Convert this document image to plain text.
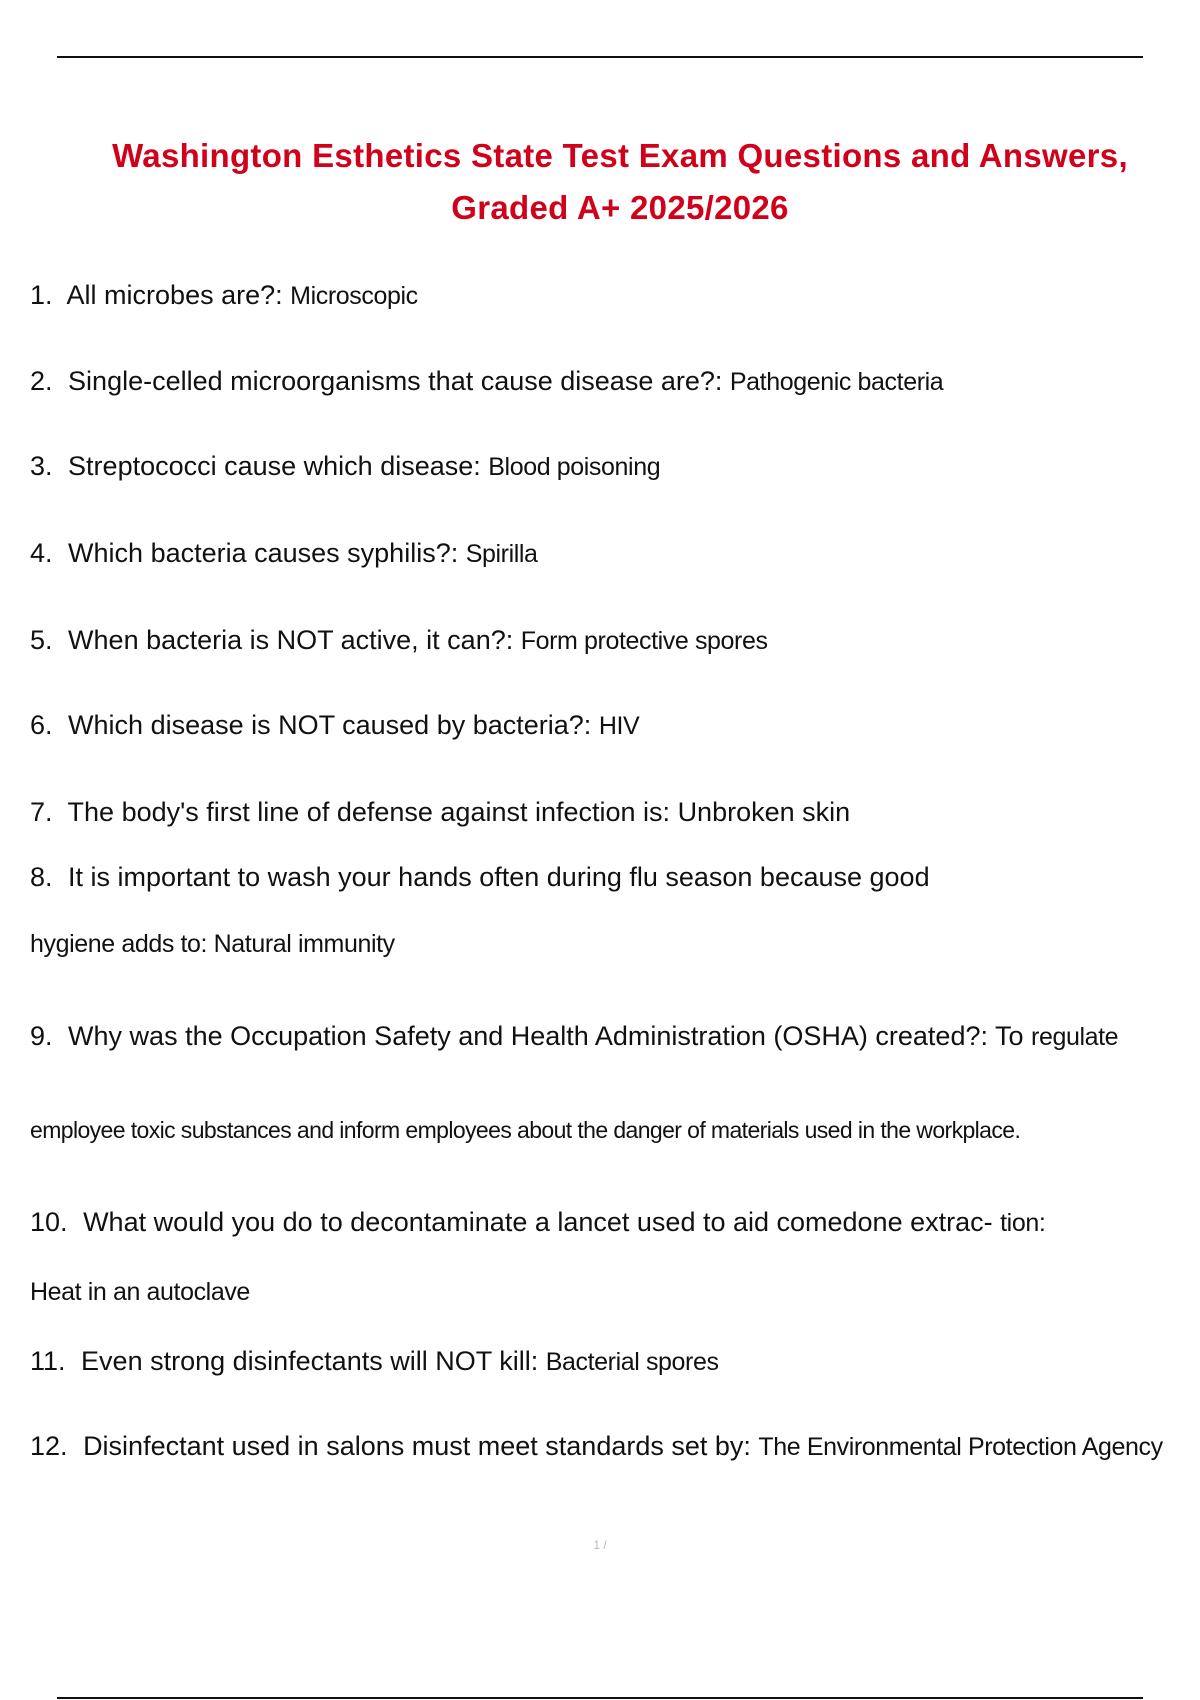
Washington Esthetics State Test Exam Questions and Answers,
Graded A+ 2025/2026
1. All microbes are?: Microscopic
2. Single-celled microorganisms that cause disease are?: Pathogenic bacteria
3. Streptococci cause which disease: Blood poisoning
4. Which bacteria causes syphilis?: Spirilla
5. When bacteria is NOT active, it can?: Form protective spores
6. Which disease is NOT caused by bacteria?: HIV
7. The body's first line of defense against infection is: Unbroken skin
8. It is important to wash your hands often during flu season because good
hygiene adds to: Natural immunity
9. Why was the Occupation Safety and Health Administration (OSHA) created?: To regulate
employee toxic substances and inform employees about the danger of materials used in the workplace.
10. What would you do to decontaminate a lancet used to aid comedone extrac- tion:
Heat in an autoclave
11. Even strong disinfectants will NOT kill: Bacterial spores
12. Disinfectant used in salons must meet standards set by: The Environmental Protection Agency
1 /
